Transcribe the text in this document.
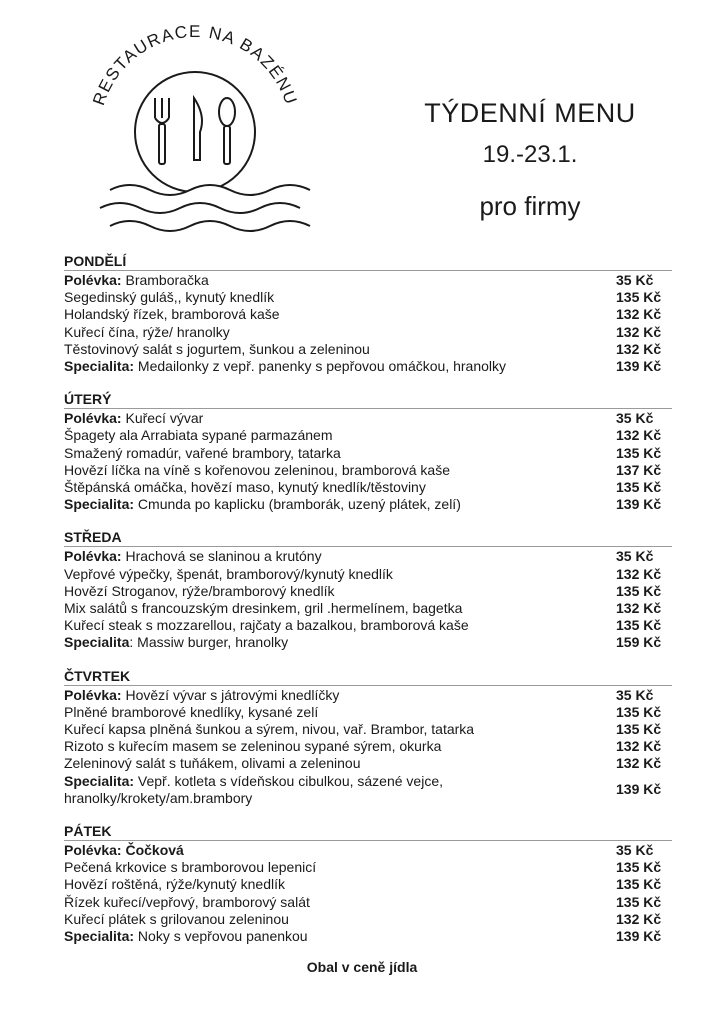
RESTAURACE NA BAZÉNU
TÝDENNÍ MENU
19.-23.1.
pro firmy
PONDĚLÍ
Polévka: Bramboračka	35 Kč
Segedinský guláš,, kynutý knedlík	135 Kč
Holandský řízek, bramborová kaše	132 Kč
Kuřecí čína, rýže/ hranolky	132 Kč
Těstovinový salát s jogurtem, šunkou a zeleninou	132 Kč
Specialita: Medailonky z vepř. panenky s pepřovou omáčkou, hranolky	139 Kč
ÚTERÝ
Polévka: Kuřecí vývar	35 Kč
Špagety ala Arrabiata sypané parmazánem	132 Kč
Smažený romadúr, vařené brambory, tatarka	135 Kč
Hovězí líčka na víně s kořenovou zeleninou, bramborová kaše	137 Kč
Štěpánská omáčka, hovězí maso, kynutý knedlík/těstoviny	135 Kč
Specialita: Cmunda po kaplicku (bramborák, uzený plátek, zelí)	139 Kč
STŘEDA
Polévka: Hrachová se slaninou a krutóny	35 Kč
Vepřové výpečky, špenát, bramborový/kynutý knedlík	132 Kč
Hovězí Stroganov, rýže/bramborový knedlík	135 Kč
Mix salátů s francouzským dresinkem, gril .hermelínem, bagetka	132 Kč
Kuřecí steak s mozzarellou, rajčaty a bazalkou, bramborová kaše	135 Kč
Specialita: Massiw burger, hranolky	159 Kč
ČTVRTEK
Polévka: Hovězí vývar s játrovými knedlíčky	35 Kč
Plněné bramborové knedlíky, kysané zelí	135 Kč
Kuřecí kapsa plněná šunkou a sýrem, nivou, vař. Brambor, tatarka	135 Kč
Rizoto s kuřecím masem se zeleninou sypané sýrem, okurka	132 Kč
Zeleninový salát s tuňákem, olivami a zeleninou	132 Kč
Specialita: Vepř. kotleta s vídeňskou cibulkou, sázené vejce, hranolky/krokety/am.brambory
139 Kč
PÁTEK
Polévka: Čočková	35 Kč
Pečená krkovice s bramborovou lepenicí	135 Kč
Hovězí roštěná, rýže/kynutý knedlík	135 Kč
Řízek kuřecí/vepřový, bramborový salát	135 Kč
Kuřecí plátek s grilovanou zeleninou	132 Kč
Specialita: Noky s vepřovou panenkou	139 Kč
Obal v ceně jídla
